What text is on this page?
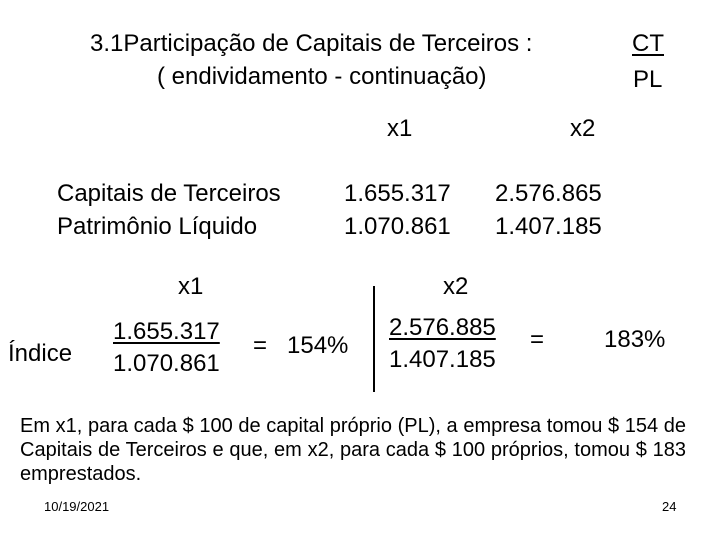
3.1Participação de Capitais de Terceiros :
( endividamento - continuação)
CT
PL
x1	x2
Capitais de Terceiros	1.655.317 2.576.865
Patrimônio Líquido	1.070.861 1.407.185
x1	x2
Índice
1.655.317
1.070.861
= 154%
2.576.885
1.407.185
= 183%
Em x1, para cada $ 100 de capital próprio (PL), a empresa tomou $ 154 de Capitais de Terceiros e que, em x2, para cada $ 100 próprios, tomou $ 183 emprestados.
10/19/2021	24
